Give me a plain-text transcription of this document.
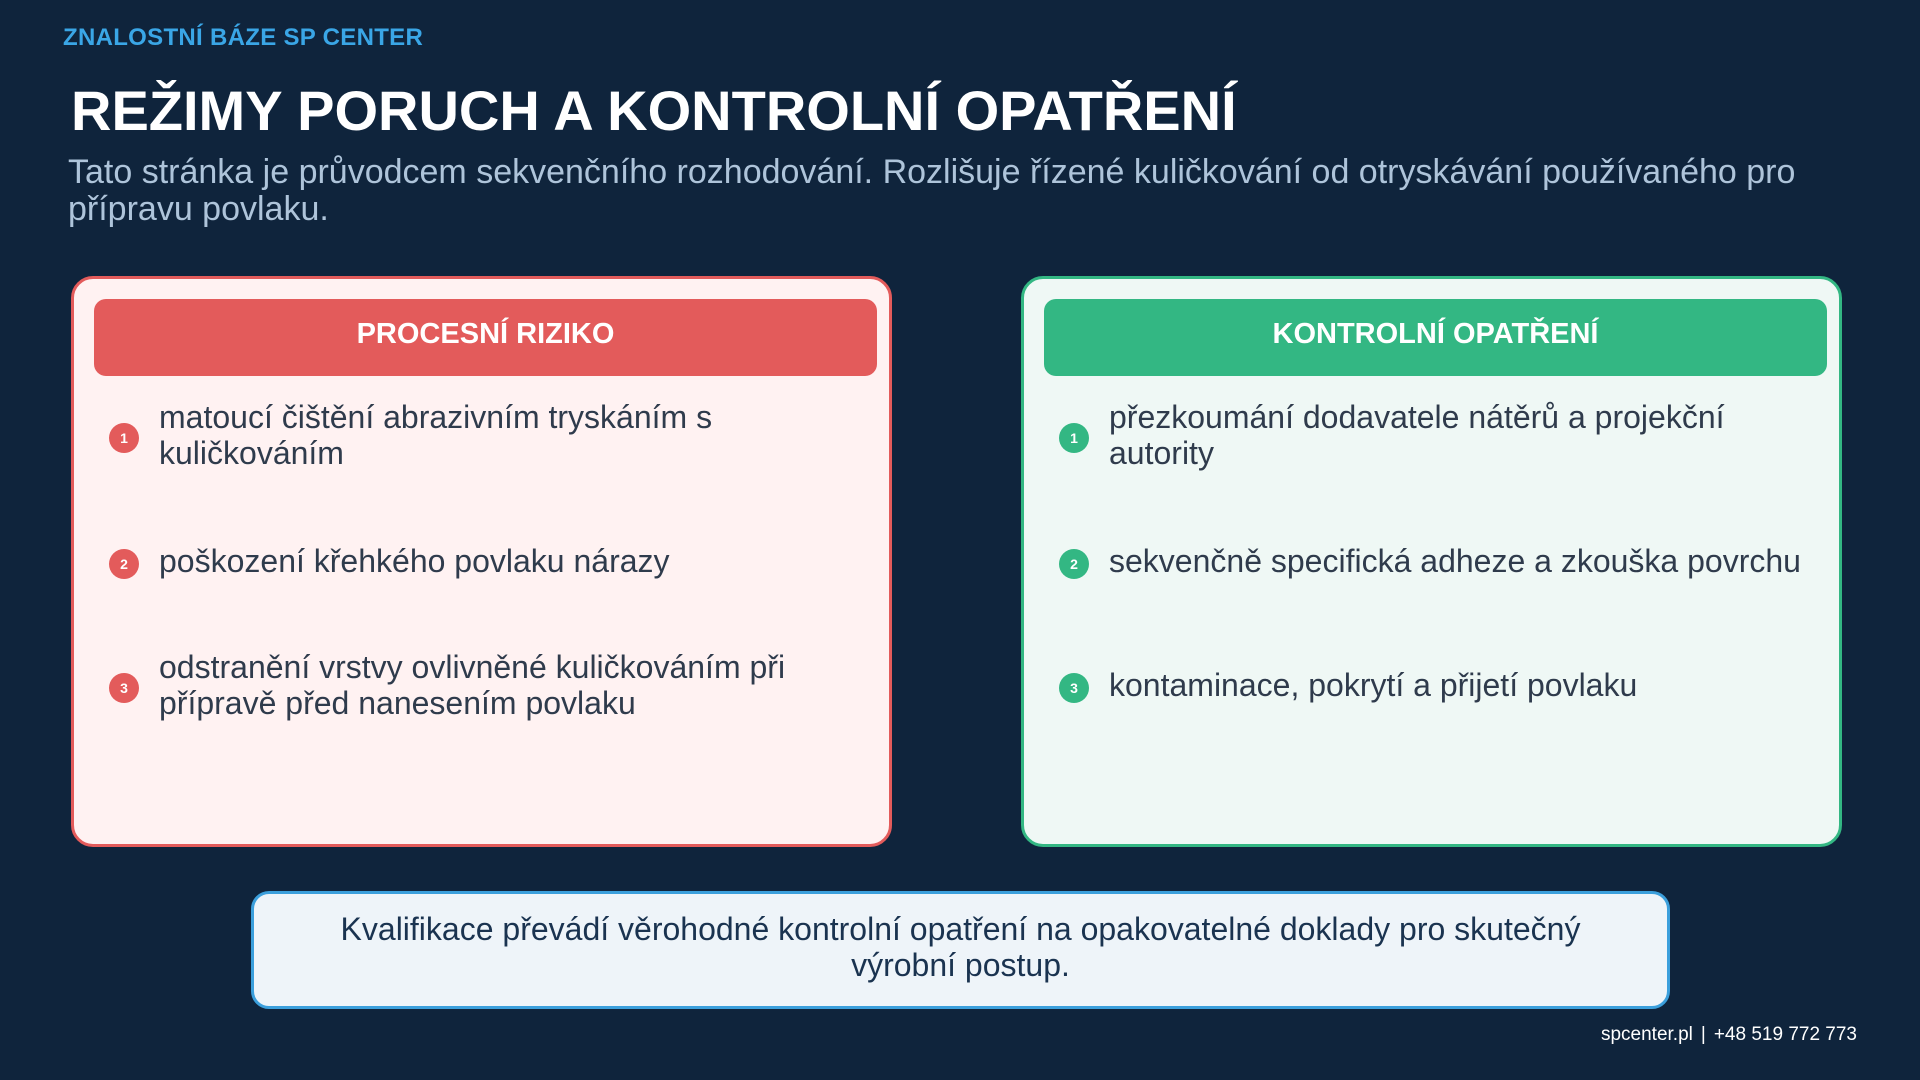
ZNALOSTNÍ BÁZE SP CENTER
REŽIMY PORUCH A KONTROLNÍ OPATŘENÍ
Tato stránka je průvodcem sekvenčního rozhodování. Rozlišuje řízené kuličkování od otryskávání používaného pro přípravu povlaku.
PROCESNÍ RIZIKO
1
matoucí čištění abrazivním tryskáním s kuličkováním
2 poškození křehkého povlaku nárazy
3
odstranění vrstvy ovlivněné kuličkováním při přípravě před nanesením povlaku
KONTROLNÍ OPATŘENÍ
1
přezkoumání dodavatele nátěrů a projekční autority
2 sekvenčně specifická adheze a zkouška povrchu
3 kontaminace, pokrytí a přijetí povlaku
Kvalifikace převádí věrohodné kontrolní opatření na opakovatelné doklady pro skutečný výrobní postup.
spcenter.pl | +48 519 772 773
